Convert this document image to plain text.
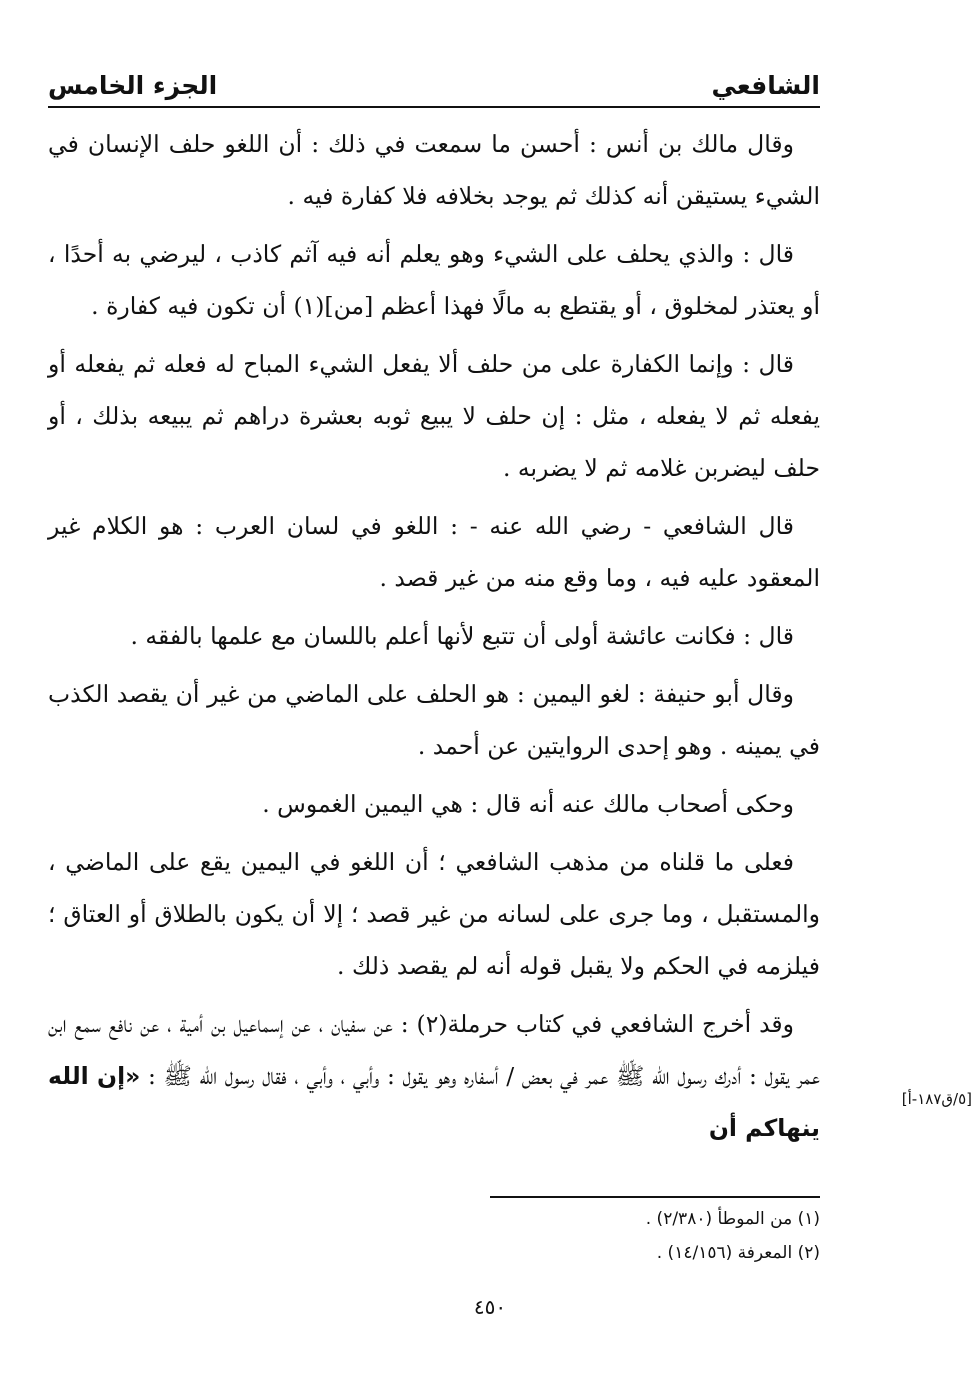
الشافعي
الجزء الخامس

وقال مالك بن أنس : أحسن ما سمعت في ذلك : أن اللغو حلف الإنسان في الشيء يستيقن أنه كذلك ثم يوجد بخلافه فلا كفارة فيه .

قال : والذي يحلف على الشيء وهو يعلم أنه فيه آثم كاذب ، ليرضي به أحدًا ، أو يعتذر لمخلوق ، أو يقتطع به مالًا فهذا أعظم [من](١) أن تكون فيه كفارة .

قال : وإنما الكفارة على من حلف ألا يفعل الشيء المباح له فعله ثم يفعله أو يفعله ثم لا يفعله ، مثل : إن حلف لا يبيع ثوبه بعشرة دراهم ثم يبيعه بذلك ، أو حلف ليضربن غلامه ثم لا يضربه .

قال الشافعي - رضي الله عنه - : اللغو في لسان العرب : هو الكلام غير المعقود عليه فيه ، وما وقع منه من غير قصد .

قال : فكانت عائشة أولى أن تتبع لأنها أعلم باللسان مع علمها بالفقه .

وقال أبو حنيفة : لغو اليمين : هو الحلف على الماضي من غير أن يقصد الكذب في يمينه . وهو إحدى الروايتين عن أحمد .

وحكى أصحاب مالك عنه أنه قال : هي اليمين الغموس .

فعلى ما قلناه من مذهب الشافعي ؛ أن اللغو في اليمين يقع على الماضي ، والمستقبل ، وما جرى على لسانه من غير قصد ؛ إلا أن يكون بالطلاق أو العتاق ؛ فيلزمه في الحكم ولا يقبل قوله أنه لم يقصد ذلك .

وقد أخرج الشافعي في كتاب حرملة(٢) : عن سفيان ، عن إسماعيل بن أمية ، عن نافع سمع ابن عمر يقول : أدرك رسول الله ﷺ عمر في بعض / أسفاره وهو يقول : وأبي ، وأبي ، فقال رسول الله ﷺ : «إن الله ينهاكم أن

[٥/ق١٨٧-أ]

(١) من الموطأ (٢/٣٨٠) .

(٢) المعرفة (١٤/١٥٦) .

٤٥٠
